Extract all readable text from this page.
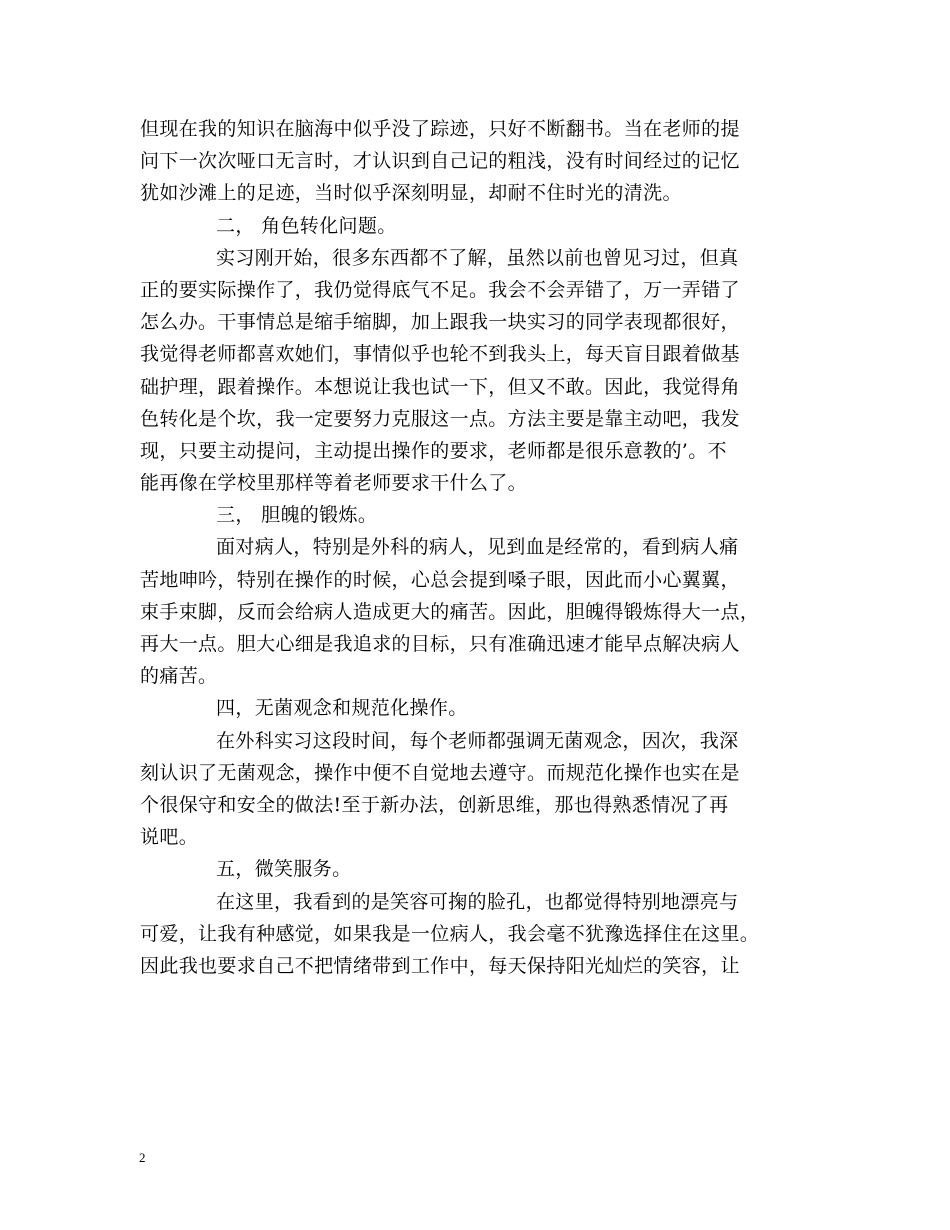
但现在我的知识在脑海中似乎没了踪迹，只好不断翻书。当在老师的提
问下一次次哑口无言时，才认识到自己记的粗浅，没有时间经过的记忆
犹如沙滩上的足迹，当时似乎深刻明显，却耐不住时光的清洗。
二， 角色转化问题。
实习刚开始，很多东西都不了解，虽然以前也曾见习过，但真
正的要实际操作了，我仍觉得底气不足。我会不会弄错了，万一弄错了
怎么办。干事情总是缩手缩脚，加上跟我一块实习的同学表现都很好，
我觉得老师都喜欢她们，事情似乎也轮不到我头上，每天盲目跟着做基
础护理，跟着操作。本想说让我也试一下，但又不敢。因此，我觉得角
色转化是个坎，我一定要努力克服这一点。方法主要是靠主动吧，我发
现，只要主动提问，主动提出操作的要求，老师都是很乐意教的’。不
能再像在学校里那样等着老师要求干什么了。
三， 胆魄的锻炼。
面对病人，特别是外科的病人，见到血是经常的，看到病人痛
苦地呻吟，特别在操作的时候，心总会提到嗓子眼，因此而小心翼翼，
束手束脚，反而会给病人造成更大的痛苦。因此，胆魄得锻炼得大一点，
再大一点。胆大心细是我追求的目标，只有准确迅速才能早点解决病人
的痛苦。
四，无菌观念和规范化操作。
在外科实习这段时间，每个老师都强调无菌观念，因次，我深
刻认识了无菌观念，操作中便不自觉地去遵守。而规范化操作也实在是
个很保守和安全的做法!至于新办法，创新思维，那也得熟悉情况了再
说吧。
五，微笑服务。
在这里，我看到的是笑容可掬的脸孔，也都觉得特别地漂亮与
可爱，让我有种感觉，如果我是一位病人，我会毫不犹豫选择住在这里。
因此我也要求自己不把情绪带到工作中，每天保持阳光灿烂的笑容，让
2
